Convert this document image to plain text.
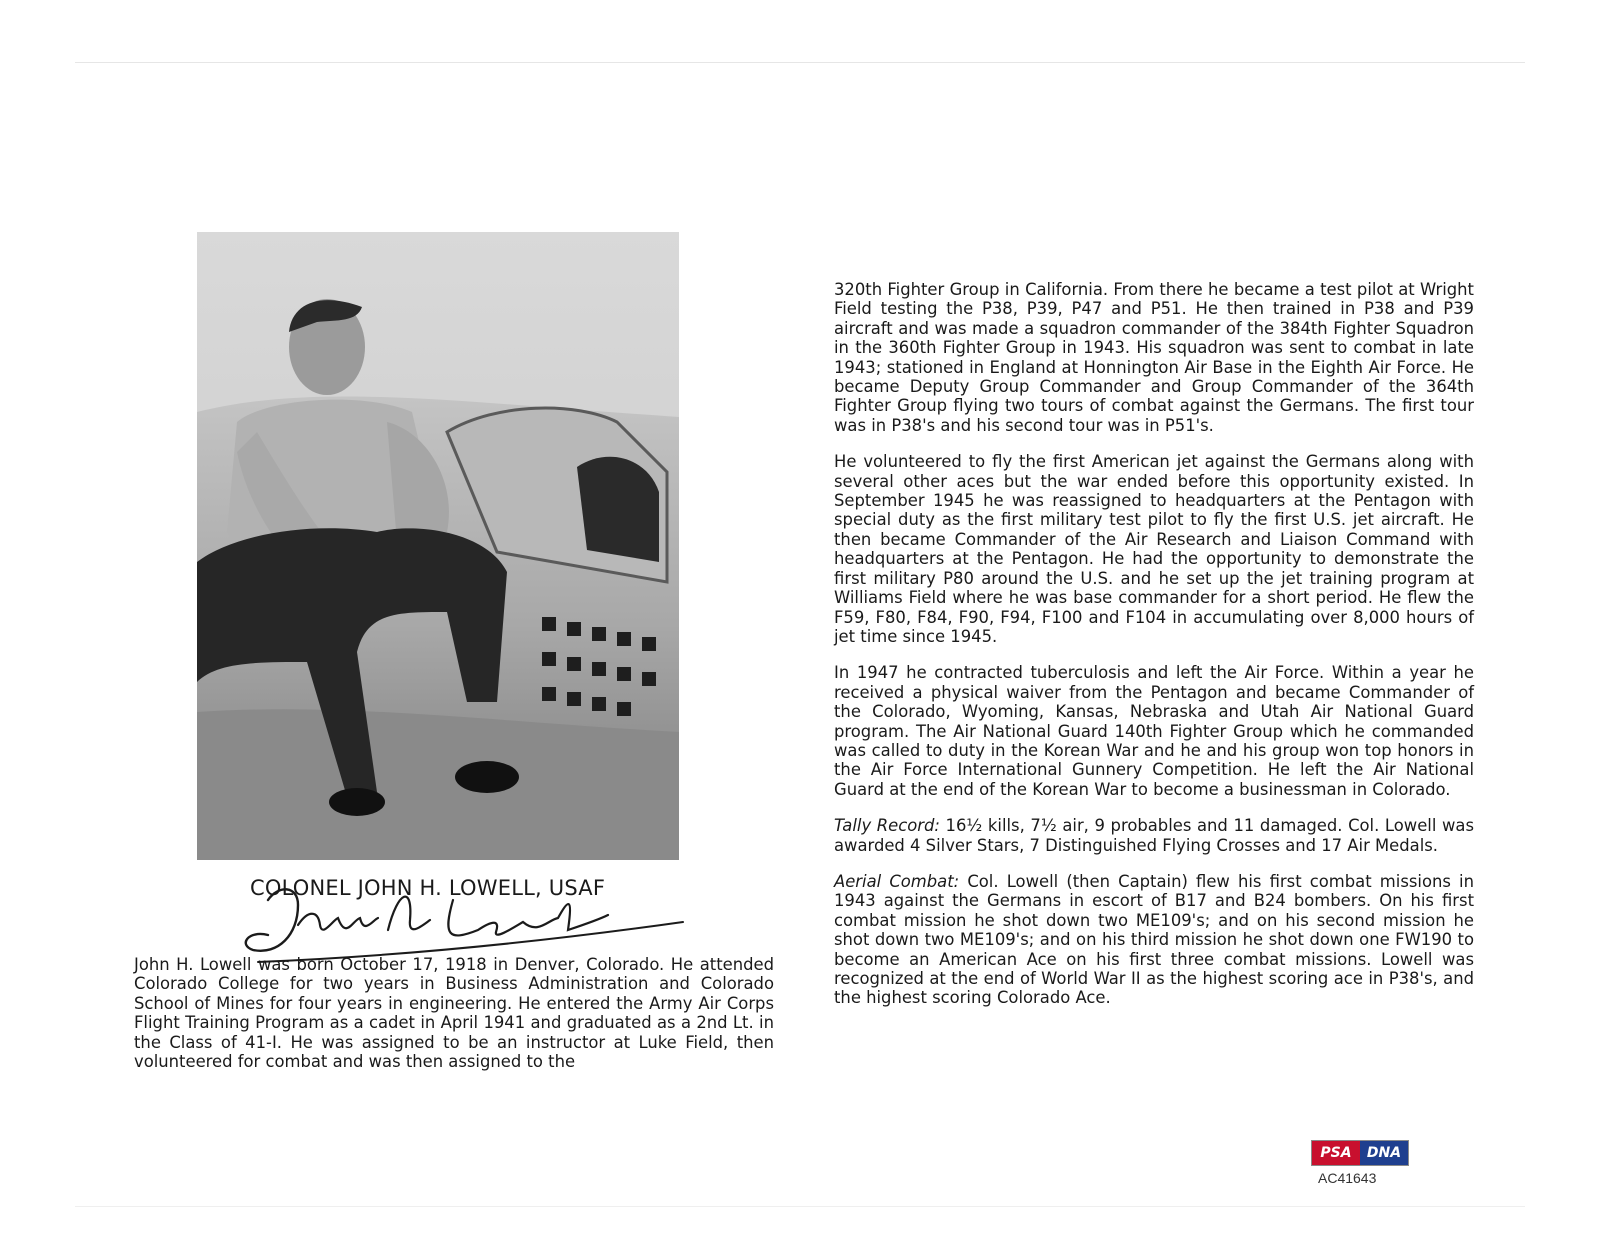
COLONEL JOHN H. LOWELL, USAF

John H. Lowell was born October 17, 1918 in Denver, Colorado. He attended Colorado College for two years in Business Administration and Colorado School of Mines for four years in engineering. He entered the Army Air Corps Flight Training Program as a cadet in April 1941 and graduated as a 2nd Lt. in the Class of 41-I. He was assigned to be an instructor at Luke Field, then volunteered for combat and was then assigned to the

320th Fighter Group in California. From there he became a test pilot at Wright Field testing the P38, P39, P47 and P51. He then trained in P38 and P39 aircraft and was made a squadron commander of the 384th Fighter Squadron in the 360th Fighter Group in 1943. His squadron was sent to combat in late 1943; stationed in England at Honnington Air Base in the Eighth Air Force. He became Deputy Group Commander and Group Commander of the 364th Fighter Group flying two tours of combat against the Germans. The first tour was in P38's and his second tour was in P51's.

He volunteered to fly the first American jet against the Germans along with several other aces but the war ended before this opportunity existed. In September 1945 he was reassigned to headquarters at the Pentagon with special duty as the first military test pilot to fly the first U.S. jet aircraft. He then became Commander of the Air Research and Liaison Command with headquarters at the Pentagon. He had the opportunity to demonstrate the first military P80 around the U.S. and he set up the jet training program at Williams Field where he was base commander for a short period. He flew the F59, F80, F84, F90, F94, F100 and F104 in accumulating over 8,000 hours of jet time since 1945.

In 1947 he contracted tuberculosis and left the Air Force. Within a year he received a physical waiver from the Pentagon and became Commander of the Colorado, Wyoming, Kansas, Nebraska and Utah Air National Guard program. The Air National Guard 140th Fighter Group which he commanded was called to duty in the Korean War and he and his group won top honors in the Air Force International Gunnery Competition. He left the Air National Guard at the end of the Korean War to become a businessman in Colorado.

Tally Record: 16½ kills, 7½ air, 9 probables and 11 damaged. Col. Lowell was awarded 4 Silver Stars, 7 Distinguished Flying Crosses and 17 Air Medals.

Aerial Combat: Col. Lowell (then Captain) flew his first combat missions in 1943 against the Germans in escort of B17 and B24 bombers. On his first combat mission he shot down two ME109's; and on his second mission he shot down two ME109's; and on his third mission he shot down one FW190 to become an American Ace on his first three combat missions. Lowell was recognized at the end of World War II as the highest scoring ace in P38's, and the highest scoring Colorado Ace.

PSA	DNA
AC41643
